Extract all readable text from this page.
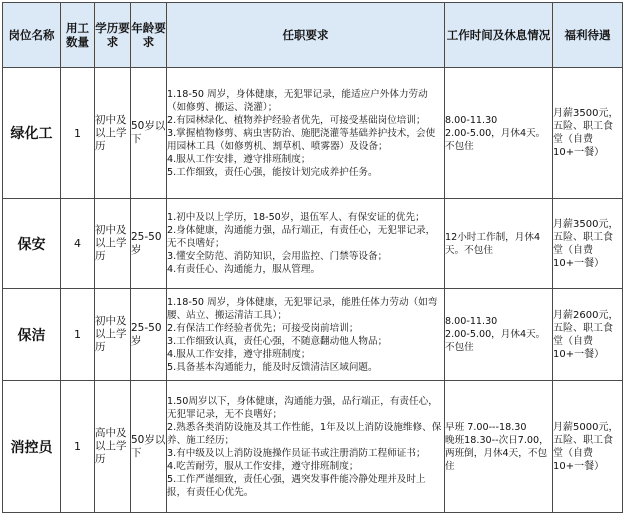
岗位名称	用工数量	学历要求	年龄要求	任职要求	工作时间及休息情况	福利待遇
绿化工	1	初中及以上学历	50岁以下	1.18-50 周岁，身体健康，无犯罪记录，能适应户外体力劳动（如修剪、搬运、浇灌）；
2.有园林绿化、植物养护经验者优先，可接受基础岗位培训；
3.掌握植物修剪、病虫害防治、施肥浇灌等基础养护技术，会使用园林工具（如修剪机、割草机、喷雾器）及设备；
4.服从工作安排，遵守排班制度；
5.工作细致，责任心强，能按计划完成养护任务。	8.00-11.30
2.00-5.00，月休4天。不包住	月薪3500元，五险、职工食堂（自费10+一餐）
保安	4	初中及以上学历	25-50岁	1.初中及以上学历，18-50岁，退伍军人、有保安证的优先；
2.身体健康，沟通能力强，品行端正，有责任心，无犯罪记录，无不良嗜好；
3.懂安全防范、消防知识，会用监控、门禁等设备；
4.有责任心、沟通能力，服从管理。	12小时工作制，月休4天。不包住	月薪3500元，五险、职工食堂（自费10+一餐）
保洁	1	初中及以上学历	25-50岁	1.18-50 周岁，身体健康，无犯罪记录，能胜任体力劳动（如弯腰、站立、搬运清洁工具）；
2.有保洁工作经验者优先；可接受岗前培训；
3.工作细致认真，责任心强，不随意翻动他人物品；
4.服从工作安排，遵守排班制度；
5.具备基本沟通能力，能及时反馈清洁区域问题。	8.00-11.30
2.00-5.00，月休4天。不包住	月薪2600元，五险、职工食堂（自费10+一餐）
消控员	1	高中及以上学历	50岁以下	1.50周岁以下，身体健康，沟通能力强，品行端正，有责任心，无犯罪记录，无不良嗜好；
2.熟悉各类消防设施及其工作性能，1年及以上消防设施维修、保养、施工经历；
3.有中级及以上消防设施操作员证书或注册消防工程师证书；
4.吃苦耐劳，服从工作安排，遵守排班制度；
5.工作严谨细致，责任心强，遇突发事件能冷静处理并及时上报，有责任心优先。	早班 7.00---18.30
晚班18.30--次日7.00，两班倒，月休4天，不包住	月薪5000元，五险、职工食堂（自费10+一餐）
